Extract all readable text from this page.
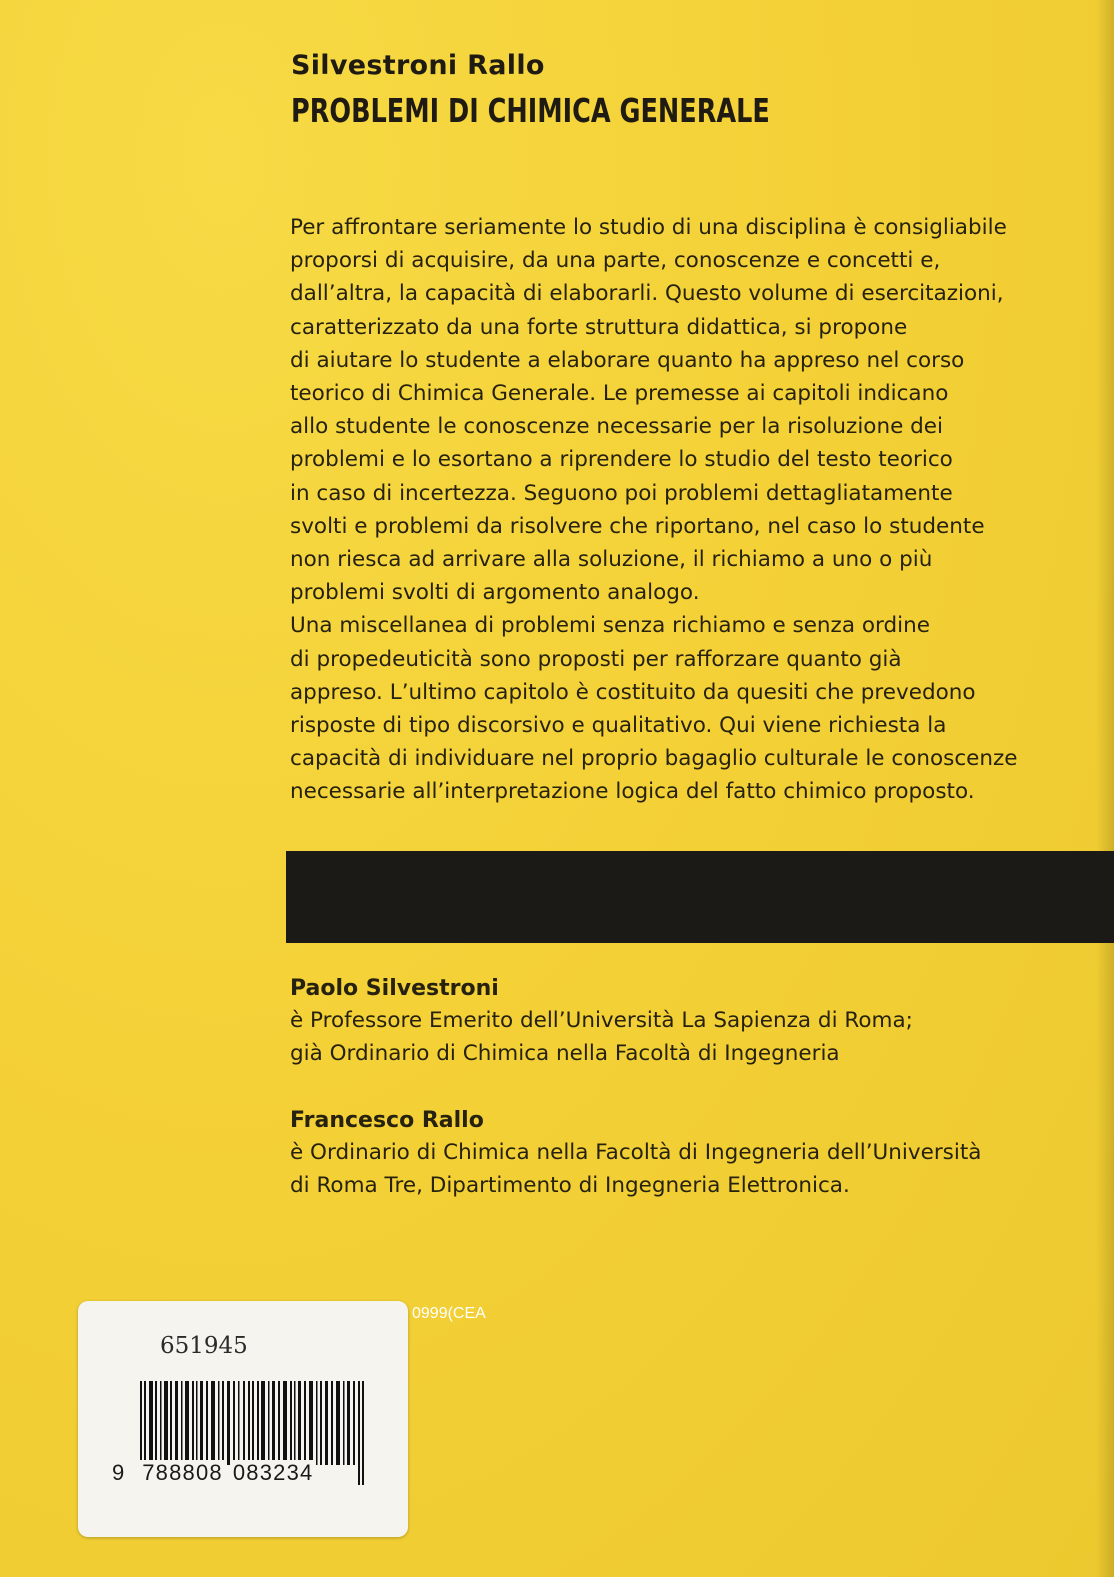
Silvestroni Rallo
PROBLEMI DI CHIMICA GENERALE
Per affrontare seriamente lo studio di una disciplina è consigliabile
proporsi di acquisire, da una parte, conoscenze e concetti e,
dall’altra, la capacità di elaborarli. Questo volume di esercitazioni,
caratterizzato da una forte struttura didattica, si propone
di aiutare lo studente a elaborare quanto ha appreso nel corso
teorico di Chimica Generale. Le premesse ai capitoli indicano
allo studente le conoscenze necessarie per la risoluzione dei
problemi e lo esortano a riprendere lo studio del testo teorico
in caso di incertezza. Seguono poi problemi dettagliatamente
svolti e problemi da risolvere che riportano, nel caso lo studente
non riesca ad arrivare alla soluzione, il richiamo a uno o più
problemi svolti di argomento analogo.
Una miscellanea di problemi senza richiamo e senza ordine
di propedeuticità sono proposti per rafforzare quanto già
appreso. L’ultimo capitolo è costituito da quesiti che prevedono
risposte di tipo discorsivo e qualitativo. Qui viene richiesta la
capacità di individuare nel proprio bagaglio culturale le conoscenze
necessarie all’interpretazione logica del fatto chimico proposto.
Paolo Silvestroni
è Professore Emerito dell’Università La Sapienza di Roma;
già Ordinario di Chimica nella Facoltà di Ingegneria
Francesco Rallo
è Ordinario di Chimica nella Facoltà di Ingegneria dell’Università
di Roma Tre, Dipartimento di Ingegneria Elettronica.
0999(CEA
651945
9 788808 083234
